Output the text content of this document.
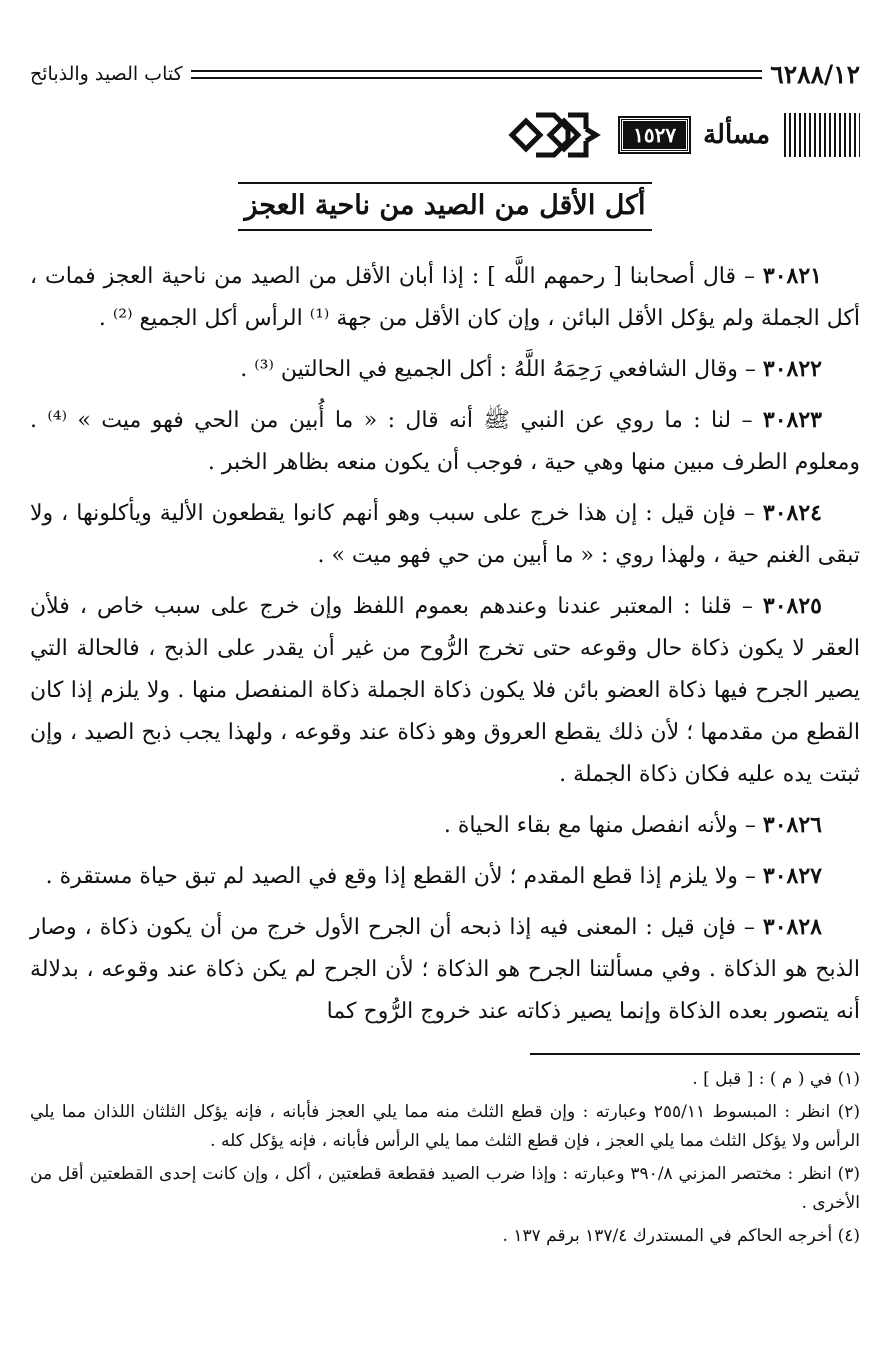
٦٢٨٨/١٢
كتاب الصيد والذبائح
مسألة
١٥٢٧
أكل الأقل من الصيد من ناحية العجز

٣٠٨٢١ – قال أصحابنا [ رحمهم اللَّه ] : إذا أبان الأقل من الصيد من ناحية العجز فمات ، أكل الجملة ولم يؤكل الأقل البائن ، وإن كان الأقل من جهة ⁽¹⁾ الرأس أكل الجميع ⁽²⁾ .

٣٠٨٢٢ – وقال الشافعي رَحِمَهُ اللَّهُ : أكل الجميع في الحالتين ⁽³⁾ .

٣٠٨٢٣ – لنا : ما روي عن النبي ﷺ أنه قال : « ما أُبين من الحي فهو ميت » ⁽⁴⁾ . ومعلوم الطرف مبين منها وهي حية ، فوجب أن يكون منعه بظاهر الخبر .

٣٠٨٢٤ – فإن قيل : إن هذا خرج على سبب وهو أنهم كانوا يقطعون الألية ويأكلونها ، ولا تبقى الغنم حية ، ولهذا روي : « ما أبين من حي فهو ميت » .

٣٠٨٢٥ – قلنا : المعتبر عندنا وعندهم بعموم اللفظ وإن خرج على سبب خاص ، فلأن العقر لا يكون ذكاة حال وقوعه حتى تخرج الرُّوح من غير أن يقدر على الذبح ، فالحالة التي يصير الجرح فيها ذكاة العضو بائن فلا يكون ذكاة الجملة ذكاة المنفصل منها . ولا يلزم إذا كان القطع من مقدمها ؛ لأن ذلك يقطع العروق وهو ذكاة عند وقوعه ، ولهذا يجب ذبح الصيد ، وإن ثبتت يده عليه فكان ذكاة الجملة .

٣٠٨٢٦ – ولأنه انفصل منها مع بقاء الحياة .

٣٠٨٢٧ – ولا يلزم إذا قطع المقدم ؛ لأن القطع إذا وقع في الصيد لم تبق حياة مستقرة .

٣٠٨٢٨ – فإن قيل : المعنى فيه إذا ذبحه أن الجرح الأول خرج من أن يكون ذكاة ، وصار الذبح هو الذكاة . وفي مسألتنا الجرح هو الذكاة ؛ لأن الجرح لم يكن ذكاة عند وقوعه ، بدلالة أنه يتصور بعده الذكاة وإنما يصير ذكاته عند خروج الرُّوح كما

(١) في ( م ) : [ قبل ] .

(٢) انظر : المبسوط ٢٥٥/١١ وعبارته : وإن قطع الثلث منه مما يلي العجز فأبانه ، فإنه يؤكل الثلثان اللذان مما يلي الرأس ولا يؤكل الثلث مما يلي العجز ، فإن قطع الثلث مما يلي الرأس فأبانه ، فإنه يؤكل كله .

(٣) انظر : مختصر المزني ٣٩٠/٨ وعبارته : وإذا ضرب الصيد فقطعة قطعتين ، أكل ، وإن كانت إحدى القطعتين أقل من الأخرى .

(٤) أخرجه الحاكم في المستدرك ١٣٧/٤ برقم ١٣٧ .
